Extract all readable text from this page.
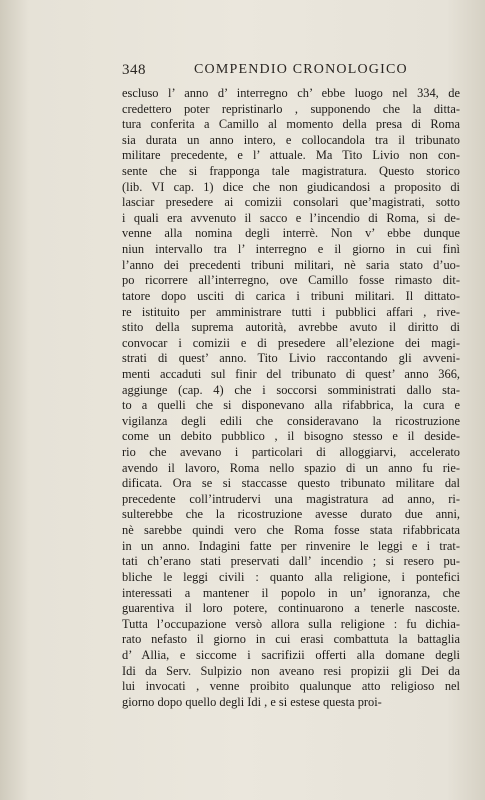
348	COMPENDIO CRONOLOGICO
escluso l’ anno d’ interregno ch’ ebbe luogo nel 334, de
credettero poter repristinarlo , supponendo che la ditta-
tura conferita a Camillo al momento della presa di Roma
sia durata un anno intero, e collocandola tra il tribunato
militare precedente, e l’ attuale. Ma Tito Livio non con-
sente che si frapponga tale magistratura. Questo storico
(lib. VI cap. 1) dice che non giudicandosi a proposito di
lasciar presedere ai comizii consolari que’magistrati, sotto
i quali era avvenuto il sacco e l’incendio di Roma, si de-
venne alla nomina degli interrè. Non v’ ebbe dunque
niun intervallo tra l’ interregno e il giorno in cui finì
l’anno dei precedenti tribuni militari, nè saria stato d’uo-
po ricorrere all’interregno, ove Camillo fosse rimasto dit-
tatore dopo usciti di carica i tribuni militari. Il dittato-
re istituito per amministrare tutti i pubblici affari , rive-
stito della suprema autorità, avrebbe avuto il diritto di
convocar i comizii e di presedere all’elezione dei magi-
strati di quest’ anno. Tito Livio raccontando gli avveni-
menti accaduti sul finir del tribunato di quest’ anno 366,
aggiunge (cap. 4) che i soccorsi somministrati dallo sta-
to a quelli che si disponevano alla rifabbrica, la cura e
vigilanza degli edili che consideravano la ricostruzione
come un debito pubblico , il bisogno stesso e il deside-
rio che avevano i particolari di alloggiarvi, accelerato
avendo il lavoro, Roma nello spazio di un anno fu rie-
dificata. Ora se si staccasse questo tribunato militare dal
precedente coll’intrudervi una magistratura ad anno, ri-
sulterebbe che la ricostruzione avesse durato due anni,
nè sarebbe quindi vero che Roma fosse stata rifabbricata
in un anno. Indagini fatte per rinvenire le leggi e i trat-
tati ch’erano stati preservati dall’ incendio ; si resero pu-
bliche le leggi civili : quanto alla religione, i pontefici
interessati a mantener il popolo in un’ ignoranza, che
guarentiva il loro potere, continuarono a tenerle nascoste.
Tutta l’occupazione versò allora sulla religione : fu dichia-
rato nefasto il giorno in cui erasi combattuta la battaglia
d’ Allia, e siccome i sacrifizii offerti alla domane degli
Idi da Serv. Sulpizio non aveano resi propizii gli Dei da
lui invocati , venne proibito qualunque atto religioso nel
giorno dopo quello degli Idi , e si estese questa proi-
